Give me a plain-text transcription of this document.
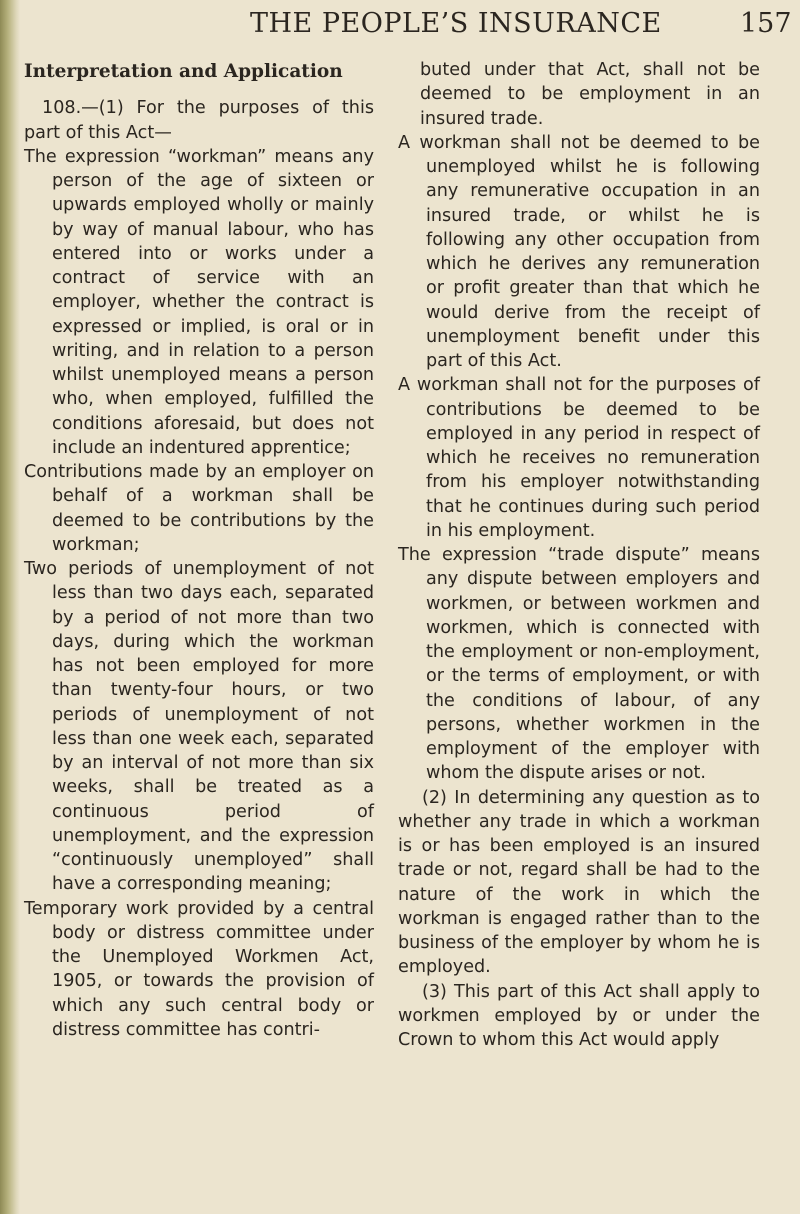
THE PEOPLE’S INSURANCE	157
Interpretation and Application

108.—(1) For the purposes of this part of this Act—

The expression “workman” means any person of the age of sixteen or upwards employed wholly or mainly by way of manual labour, who has entered into or works under a contract of service with an employer, whether the contract is expressed or implied, is oral or in writing, and in relation to a person whilst unemployed means a person who, when employed, fulfilled the conditions aforesaid, but does not include an indentured apprentice;

Contributions made by an employer on behalf of a workman shall be deemed to be contributions by the workman;

Two periods of unemployment of not less than two days each, separated by a period of not more than two days, during which the workman has not been employed for more than twenty-four hours, or two periods of unemployment of not less than one week each, separated by an interval of not more than six weeks, shall be treated as a continuous period of unemployment, and the expression “continuously unemployed” shall have a corresponding meaning;

Temporary work provided by a central body or distress committee under the Unemployed Workmen Act, 1905, or towards the provision of which any such central body or distress committee has contri-

buted under that Act, shall not be deemed to be employment in an insured trade.

A workman shall not be deemed to be unemployed whilst he is following any remunerative occupation in an insured trade, or whilst he is following any other occupation from which he derives any remuneration or profit greater than that which he would derive from the receipt of unemployment benefit under this part of this Act.

A workman shall not for the purposes of contributions be deemed to be employed in any period in respect of which he receives no remuneration from his employer notwithstanding that he continues during such period in his employment.

The expression “trade dispute” means any dispute between employers and workmen, or between workmen and workmen, which is connected with the employment or non-employment, or the terms of employment, or with the conditions of labour, of any persons, whether workmen in the employment of the employer with whom the dispute arises or not.

(2) In determining any question as to whether any trade in which a workman is or has been employed is an insured trade or not, regard shall be had to the nature of the work in which the workman is engaged rather than to the business of the employer by whom he is employed.

(3) This part of this Act shall apply to workmen employed by or under the Crown to whom this Act would apply
